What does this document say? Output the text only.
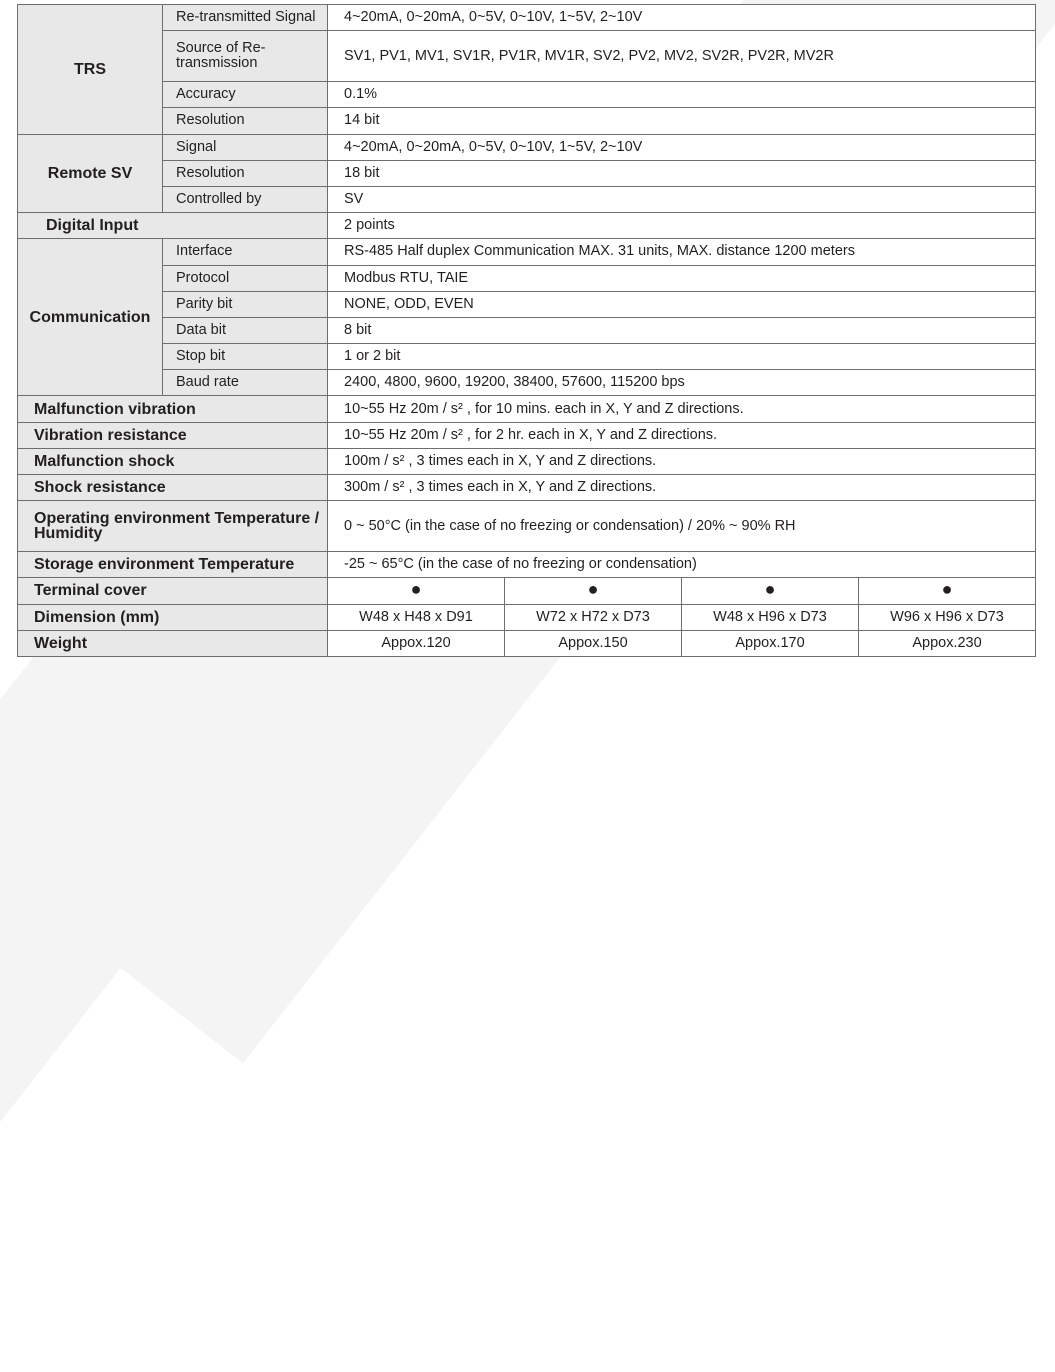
TRS	Re-transmitted Signal	4~20mA, 0~20mA, 0~5V, 0~10V, 1~5V, 2~10V			
	Source of Re-transmission	SV1, PV1, MV1, SV1R, PV1R, MV1R, SV2, PV2, MV2, SV2R, PV2R, MV2R			
	Accuracy	0.1%			
	Resolution	14 bit			
Remote SV	Signal	4~20mA, 0~20mA, 0~5V, 0~10V, 1~5V, 2~10V			
	Resolution	18 bit			
	Controlled by	SV			
Digital Input		2 points			
Communication	Interface	RS-485 Half duplex Communication MAX. 31 units, MAX. distance 1200 meters			
	Protocol	Modbus RTU, TAIE			
	Parity bit	NONE, ODD, EVEN			
	Data bit	8 bit			
	Stop bit	1 or 2 bit			
	Baud rate	2400, 4800, 9600, 19200, 38400, 57600, 115200 bps			
Malfunction vibration		10~55 Hz 20m / s² , for 10 mins. each in X, Y and Z directions.			
Vibration resistance		10~55 Hz 20m / s² , for 2 hr. each in X, Y and Z directions.			
Malfunction shock		100m / s² , 3 times each in X, Y and Z directions.			
Shock resistance		300m / s² , 3 times each in X, Y and Z directions.			
Operating environment Temperature / Humidity		0 ~ 50°C (in the case of no freezing or condensation) / 20% ~ 90% RH			
Storage environment Temperature		-25 ~ 65°C (in the case of no freezing or condensation)			
Terminal cover		●	●	●	●
Dimension (mm)		W48 x H48 x D91	W72 x H72 x D73	W48 x H96 x D73	W96 x H96 x D73
Weight		Appox.120	Appox.150	Appox.170	Appox.230
